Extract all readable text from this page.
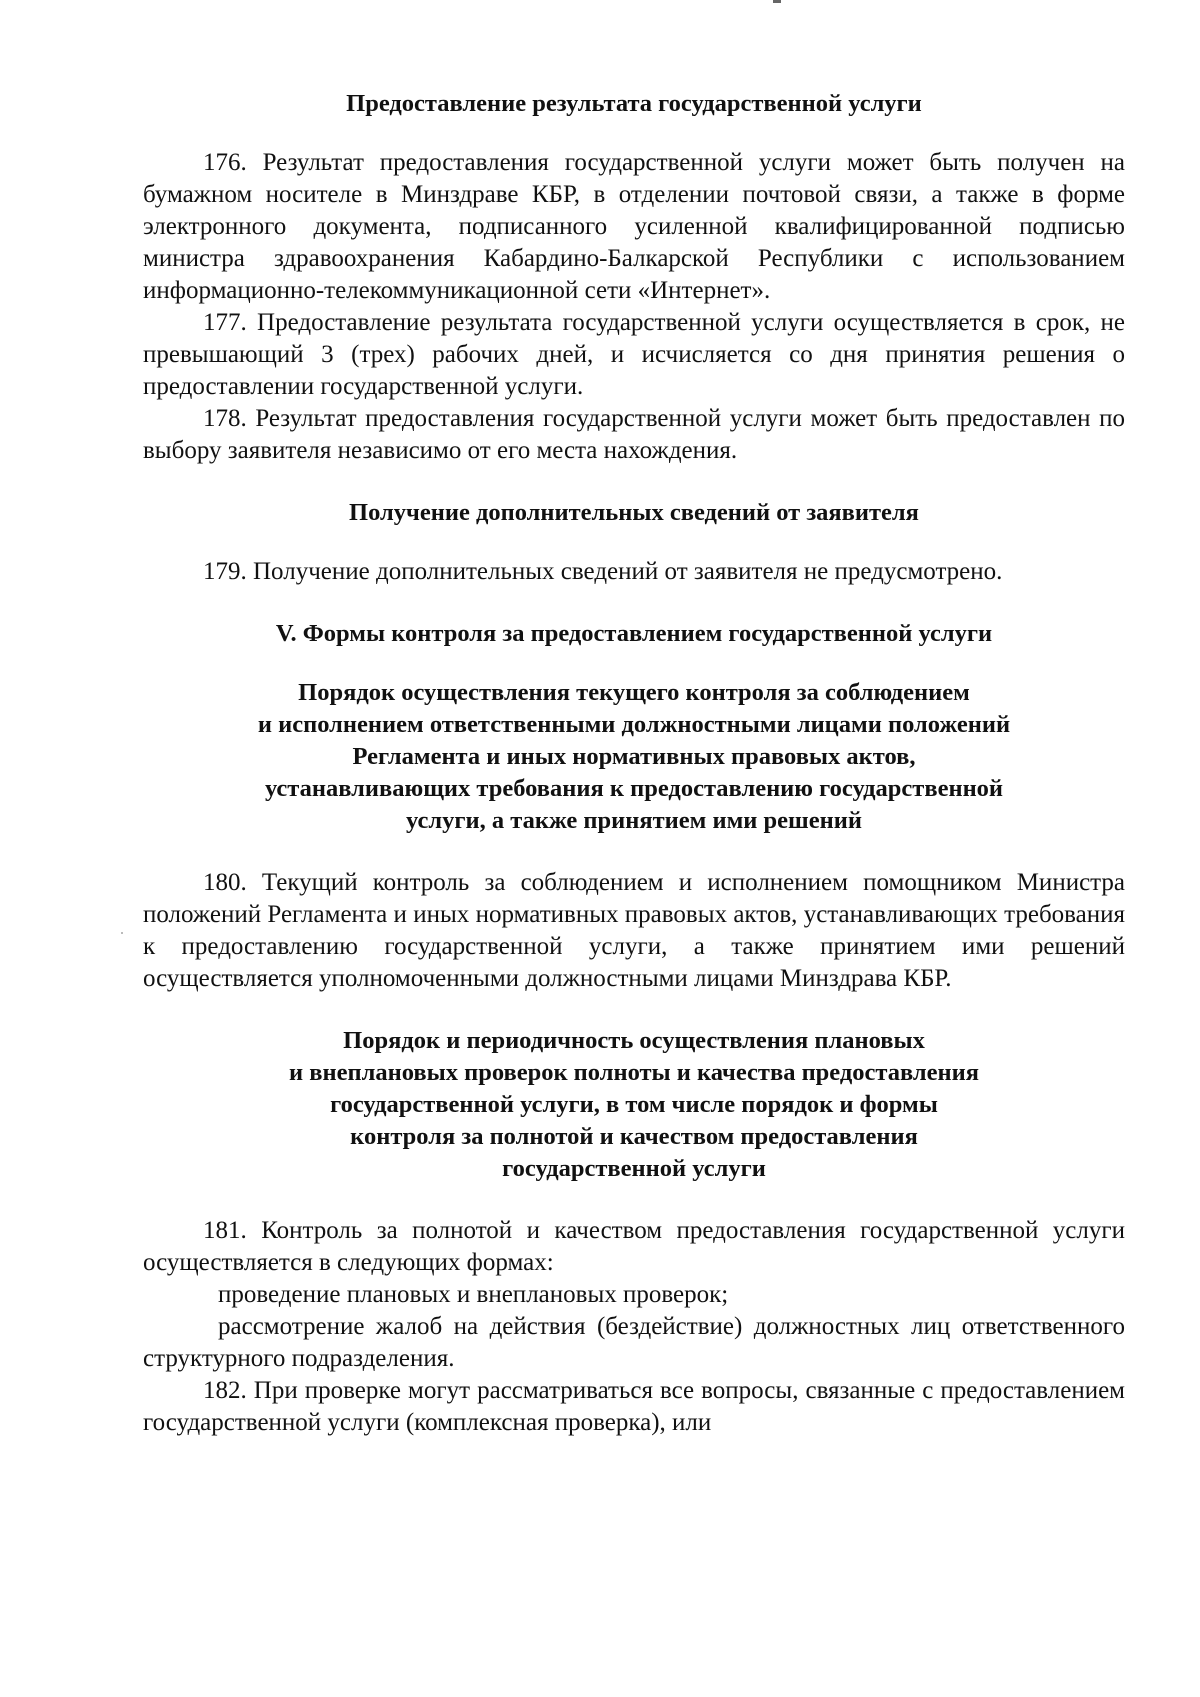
Предоставление результата государственной услуги

176. Результат предоставления государственной услуги может быть получен на бумажном носителе в Минздраве КБР, в отделении почтовой связи, а также в форме электронного документа, подписанного усиленной квалифицированной подписью министра здравоохранения Кабардино-Балкарской Республики с использованием информационно-телекоммуникационной сети «Интернет».

177. Предоставление результата государственной услуги осуществляется в срок, не превышающий 3 (трех) рабочих дней, и исчисляется со дня принятия решения о предоставлении государственной услуги.

178. Результат предоставления государственной услуги может быть предоставлен по выбору заявителя независимо от его места нахождения.

Получение дополнительных сведений от заявителя

179. Получение дополнительных сведений от заявителя не предусмотрено.

V. Формы контроля за предоставлением государственной услуги

Порядок осуществления текущего контроля за соблюдением
и исполнением ответственными должностными лицами положений
Регламента и иных нормативных правовых актов,
устанавливающих требования к предоставлению государственной
услуги, а также принятием ими решений

180. Текущий контроль за соблюдением и исполнением помощником Министра положений Регламента и иных нормативных правовых актов, устанавливающих требования к предоставлению государственной услуги, а также принятием ими решений осуществляется уполномоченными должностными лицами Минздрава КБР.

Порядок и периодичность осуществления плановых
и внеплановых проверок полноты и качества предоставления
государственной услуги, в том числе порядок и формы
контроля за полнотой и качеством предоставления
государственной услуги

181. Контроль за полнотой и качеством предоставления государственной услуги осуществляется в следующих формах:

проведение плановых и внеплановых проверок;

рассмотрение жалоб на действия (бездействие) должностных лиц ответственного структурного подразделения.

182. При проверке могут рассматриваться все вопросы, связанные с предоставлением государственной услуги (комплексная проверка), или
